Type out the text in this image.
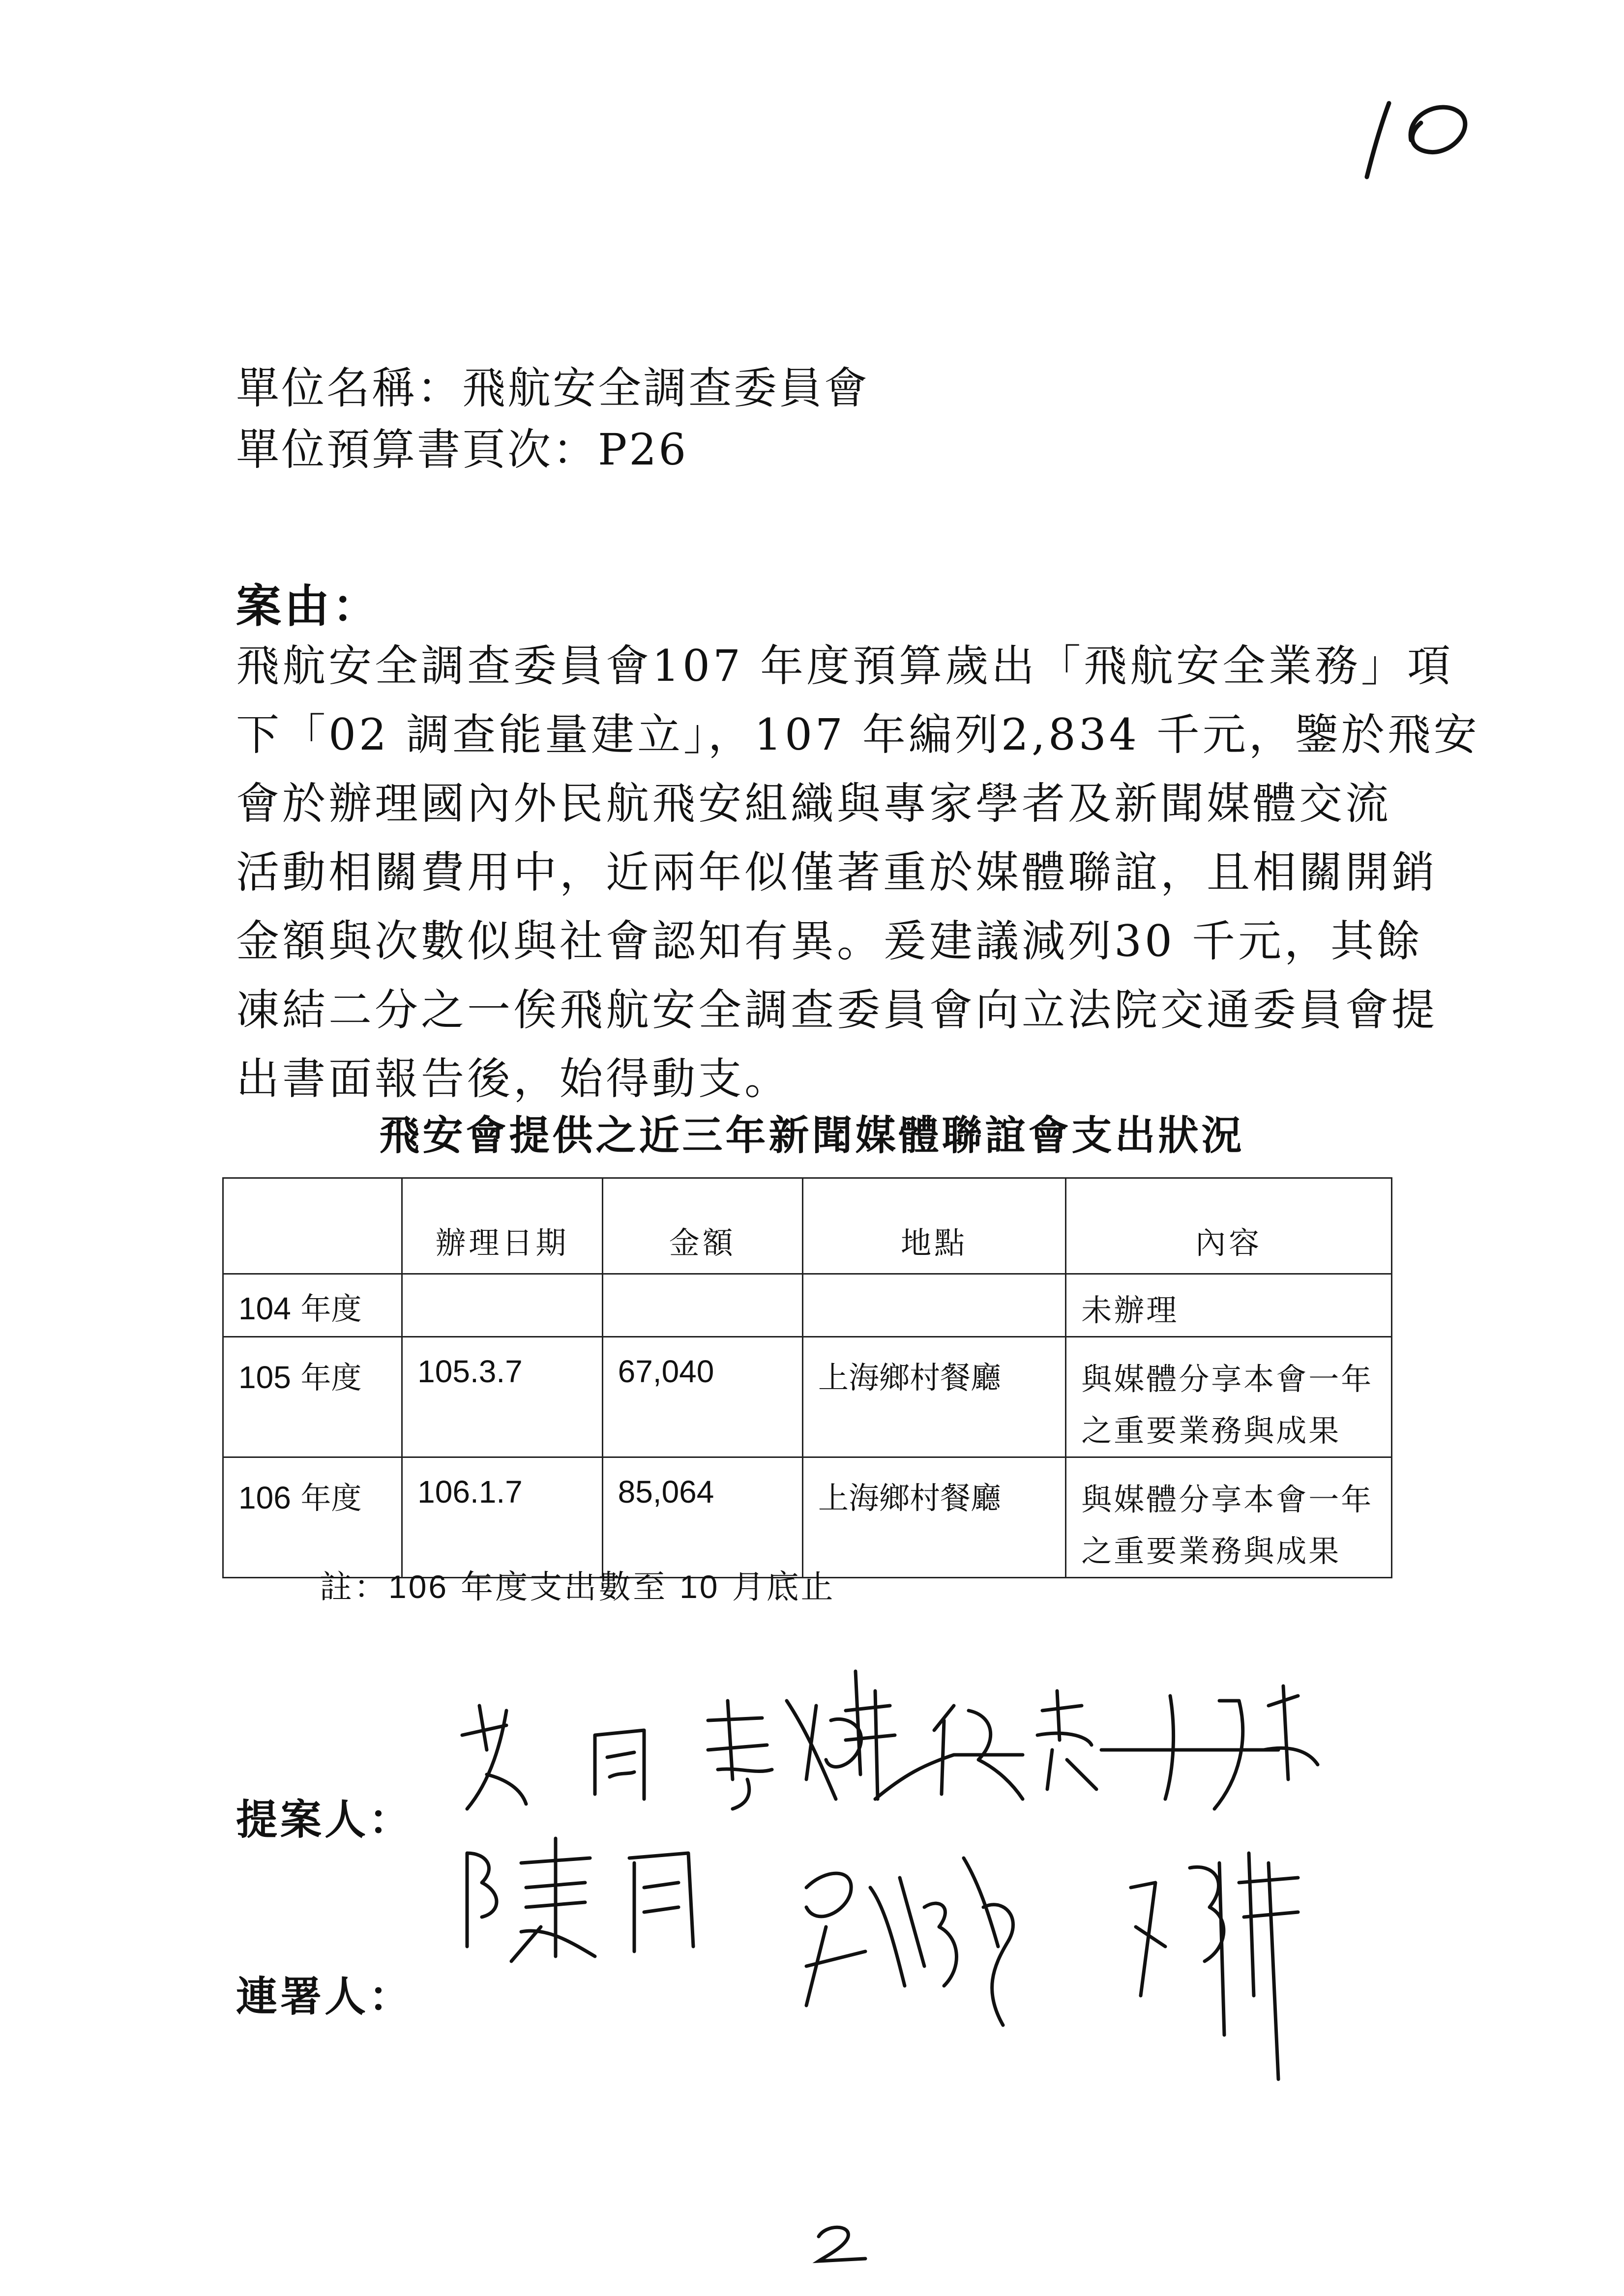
單位名稱：飛航安全調查委員會
單位預算書頁次：P26
案由：
飛航安全調查委員會107 年度預算歲出「飛航安全業務」項
下「02 調查能量建立」，107 年編列2,834 千元，鑒於飛安
會於辦理國內外民航飛安組織與專家學者及新聞媒體交流
活動相關費用中，近兩年似僅著重於媒體聯誼，且相關開銷
金額與次數似與社會認知有異。爰建議減列30 千元，其餘
凍結二分之一俟飛航安全調查委員會向立法院交通委員會提
出書面報告後，始得動支。
飛安會提供之近三年新聞媒體聯誼會支出狀況
	辦理日期	金額	地點	內容
104 年度				未辦理

105 年度	105.3.7	67,040	上海鄉村餐廳	與媒體分享本會一年
之重要業務與成果

106 年度	106.1.7	85,064	上海鄉村餐廳	與媒體分享本會一年
之重要業務與成果
註：106 年度支出數至 10 月底止
提案人：
連署人：
